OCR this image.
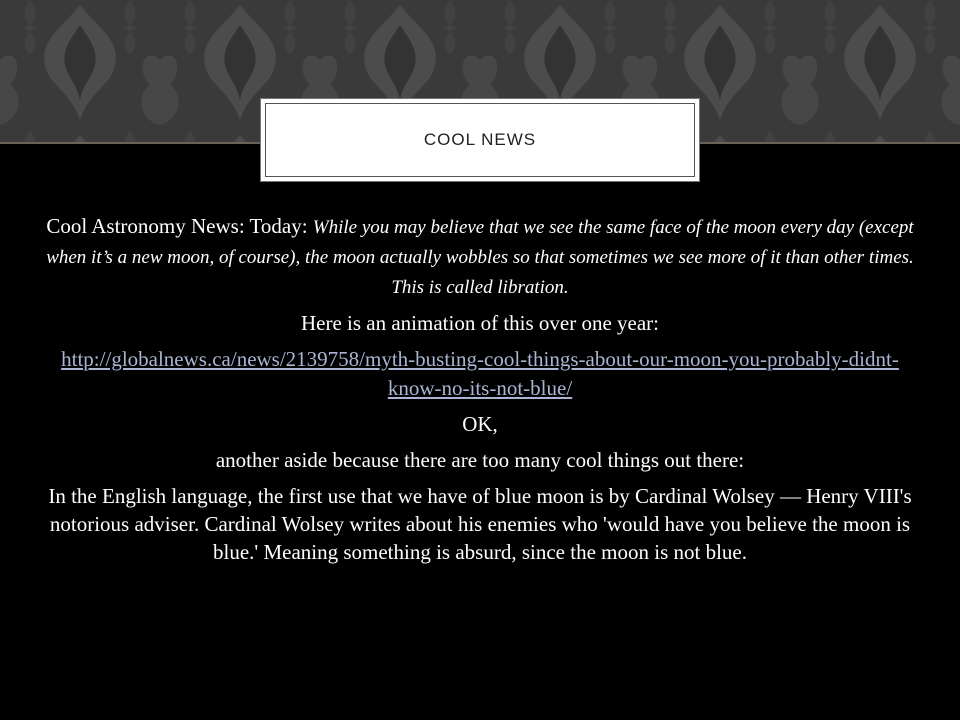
COOL NEWS

Cool Astronomy News: Today: While you may believe that we see the same face of the moon every day (except when it’s a new moon, of course), the moon actually wobbles so that sometimes we see more of it than other times. This is called libration.

Here is an animation of this over one year:

http://globalnews.ca/news/2139758/myth-busting-cool-things-about-our-moon-you-probably-didnt-know-no-its-not-blue/

OK,

another aside because there are too many cool things out there:

In the English language, the first use that we have of blue moon is by Cardinal Wolsey — Henry VIII's notorious adviser. Cardinal Wolsey writes about his enemies who 'would have you believe the moon is blue.' Meaning something is absurd, since the moon is not blue.
